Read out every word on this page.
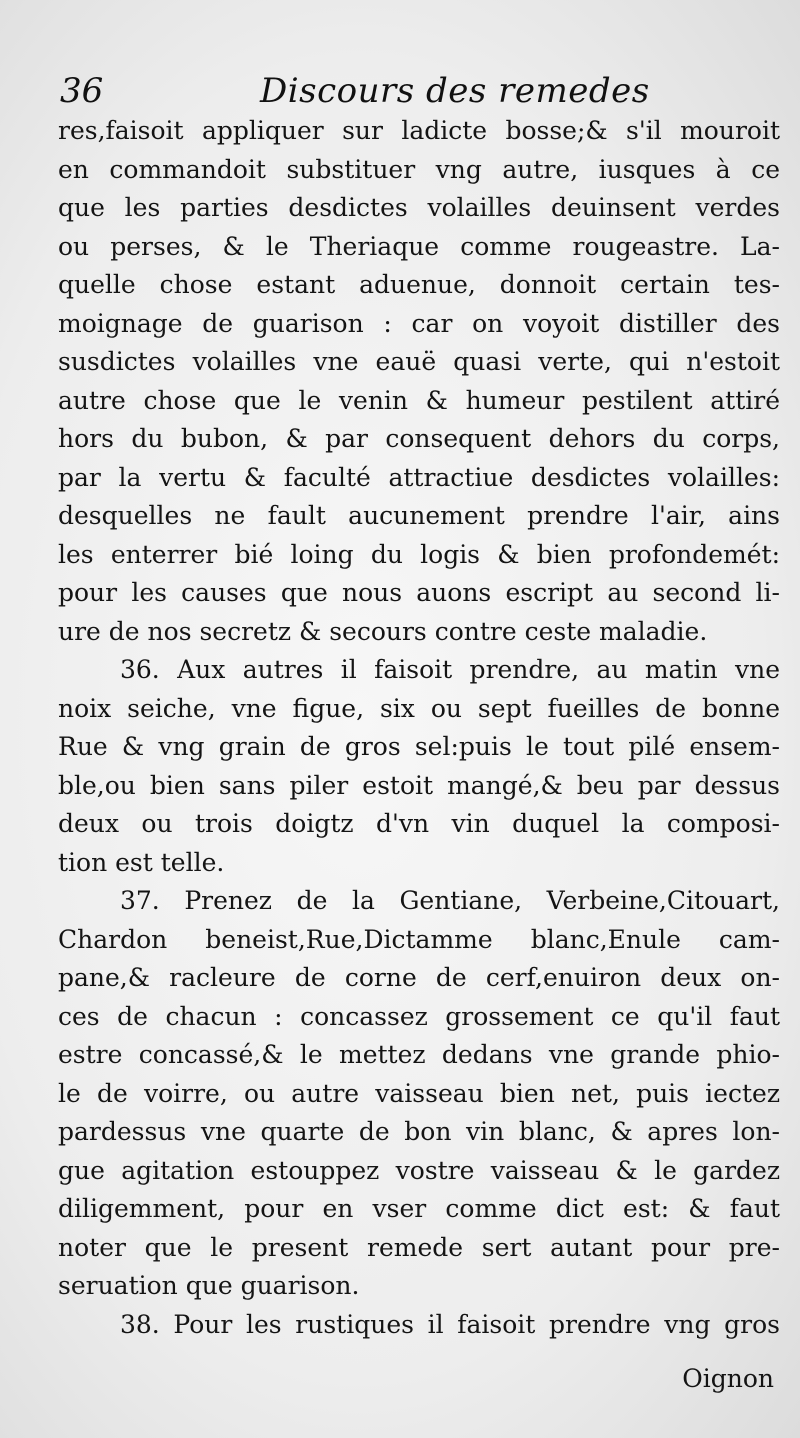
36	Discours des remedes
res,faisoit appliquer sur ladicte bosse;& s'il mouroit
en commandoit substituer vng autre, iusques à ce
que les parties desdictes volailles deuinsent verdes
ou perses, & le Theriaque comme rougeastre. La-
quelle chose estant aduenue, donnoit certain tes-
moignage de guarison : car on voyoit distiller des
susdictes volailles vne eauë quasi verte, qui n'estoit
autre chose que le venin & humeur pestilent attiré
hors du bubon, & par consequent dehors du corps,
par la vertu & faculté attractiue desdictes volailles:
desquelles ne fault aucunement prendre l'air, ains
les enterrer bié loing du logis & bien profondemét:
pour les causes que nous auons escript au second li-
ure de nos secretz & secours contre ceste maladie.
36. Aux autres il faisoit prendre, au matin vne
noix seiche, vne figue, six ou sept fueilles de bonne
Rue & vng grain de gros sel:puis le tout pilé ensem-
ble,ou bien sans piler estoit mangé,& beu par dessus
deux ou trois doigtz d'vn vin duquel la composi-
tion est telle.
37. Prenez de la Gentiane, Verbeine,Citouart,
Chardon beneist,Rue,Dictamme blanc,Enule cam-
pane,& racleure de corne de cerf,enuiron deux on-
ces de chacun : concassez grossement ce qu'il faut
estre concassé,& le mettez dedans vne grande phio-
le de voirre, ou autre vaisseau bien net, puis iectez
pardessus vne quarte de bon vin blanc, & apres lon-
gue agitation estouppez vostre vaisseau & le gardez
diligemment, pour en vser comme dict est: & faut
noter que le present remede sert autant pour pre-
seruation que guarison.
38. Pour les rustiques il faisoit prendre vng gros
Oignon
